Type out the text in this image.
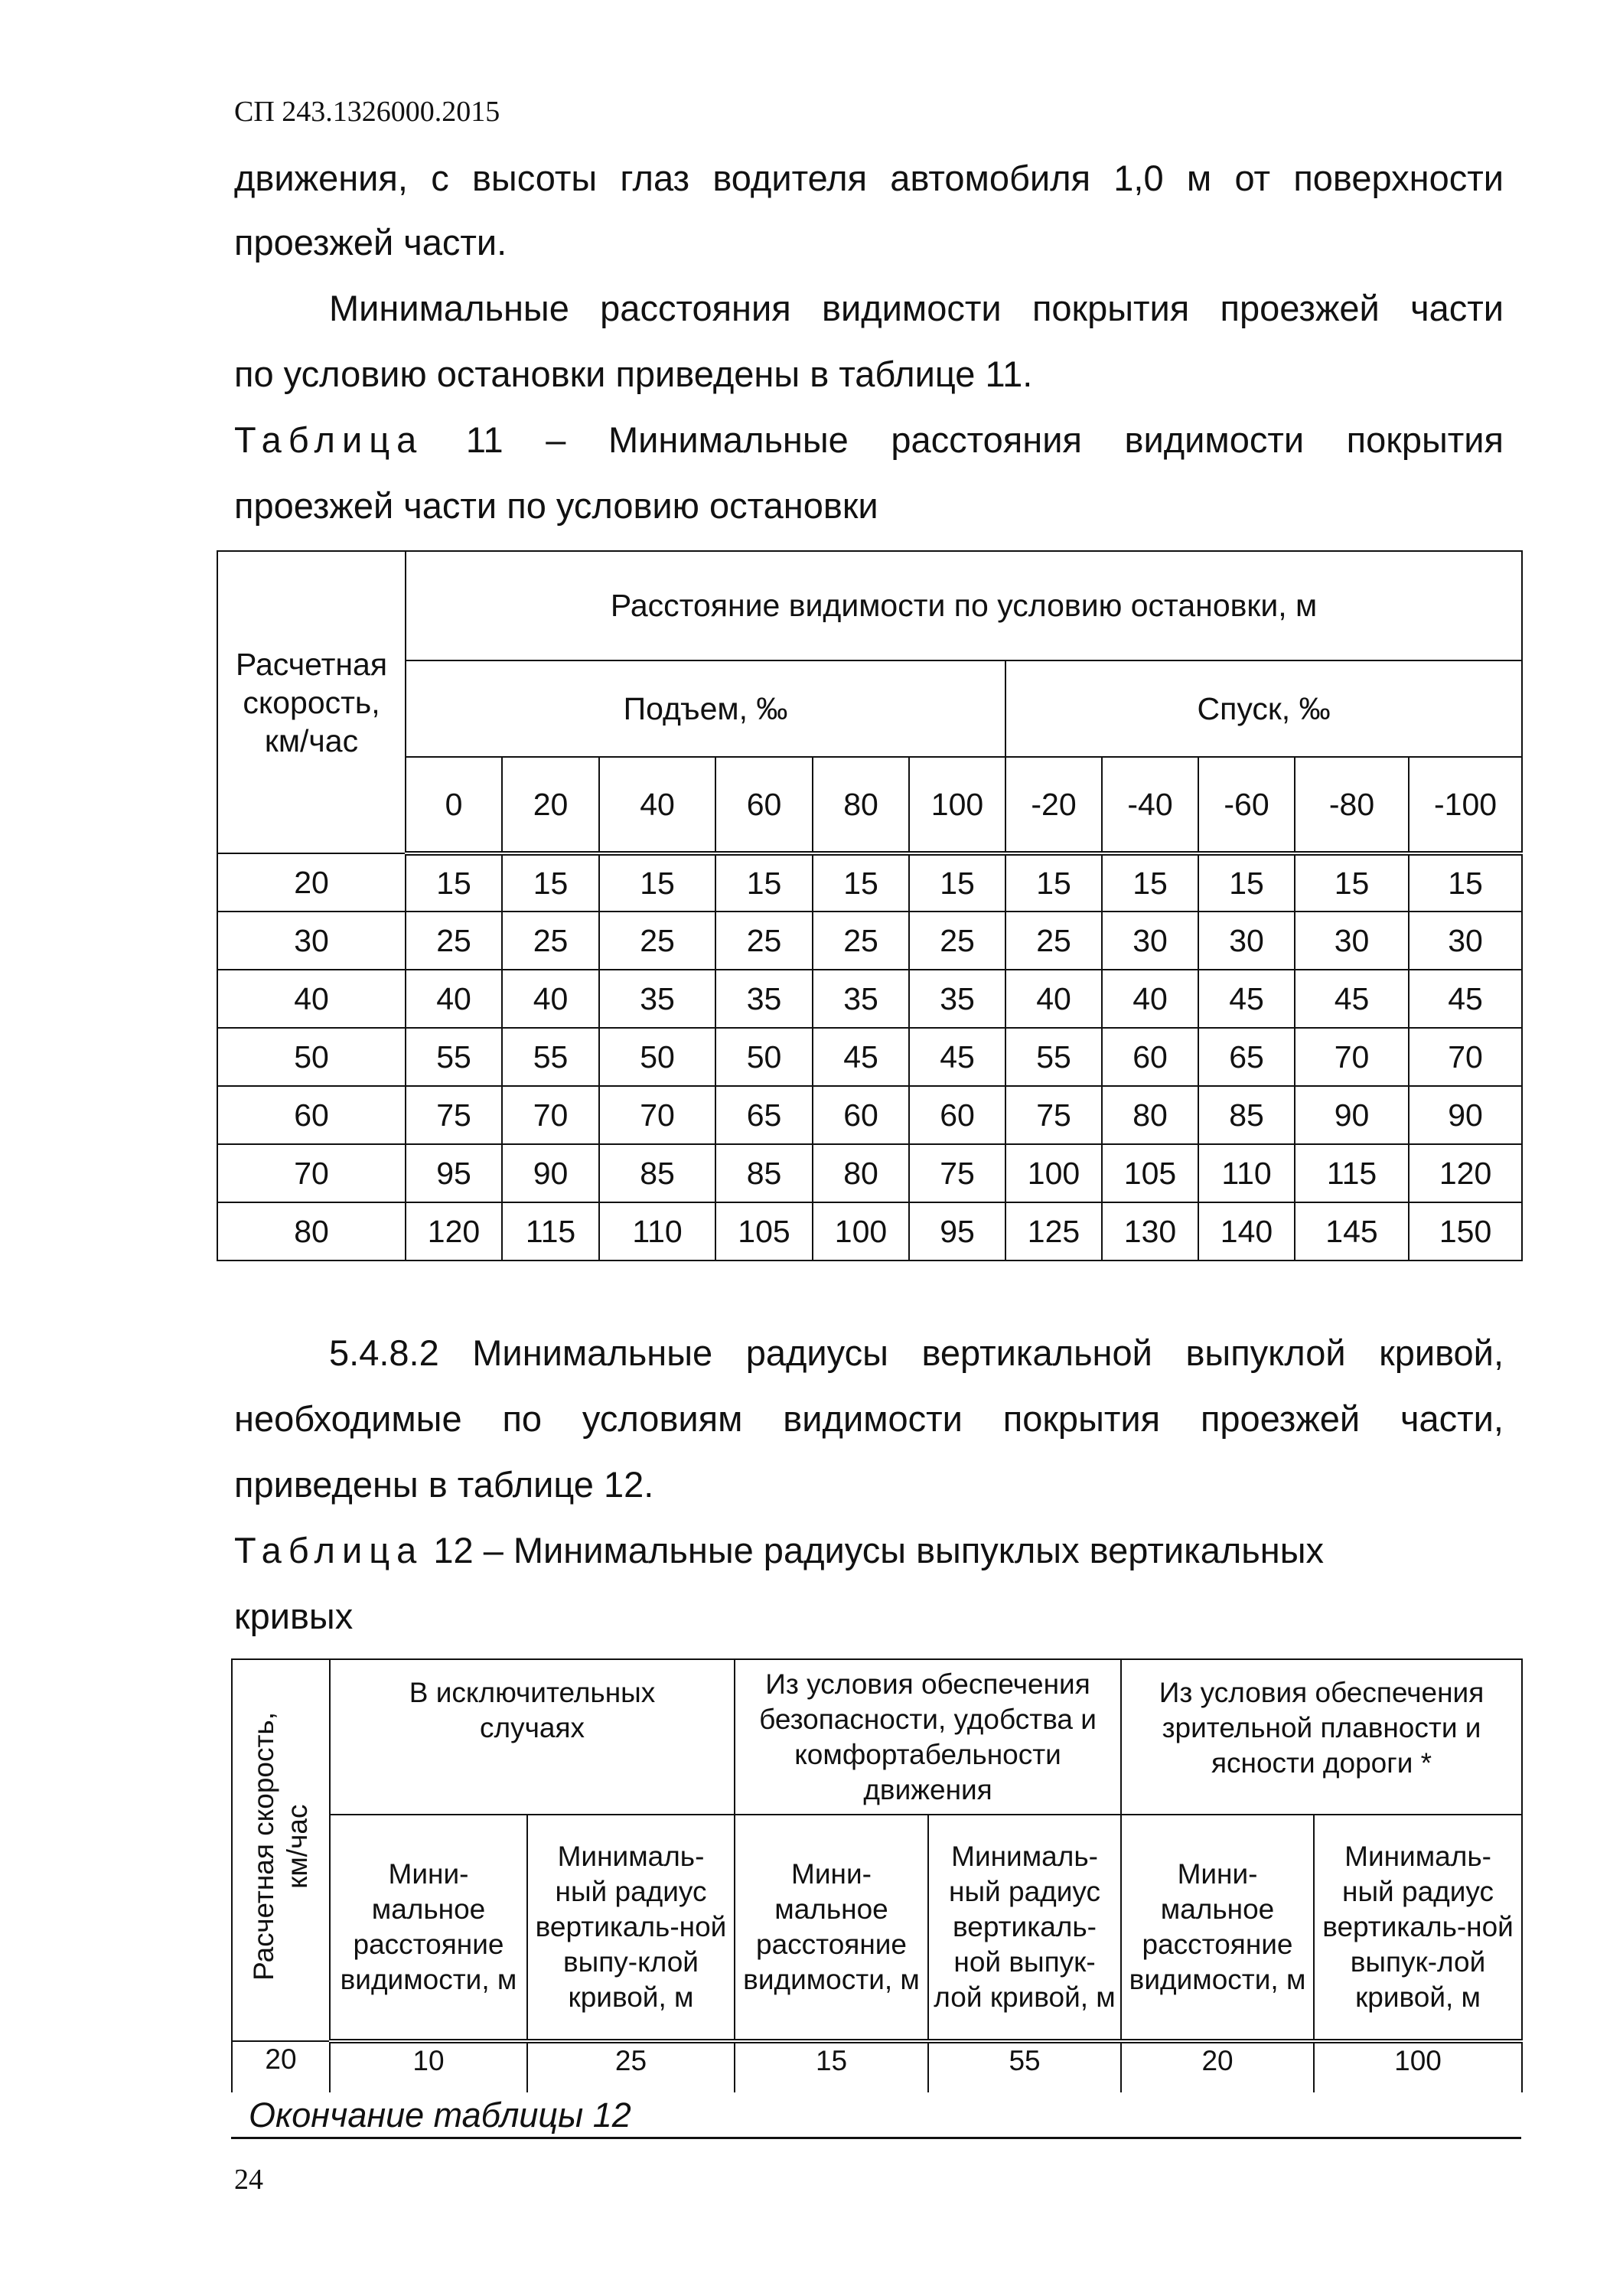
СП 243.1326000.2015
движения, с высоты глаз водителя автомобиля 1,0 м от поверхности
проезжей части.
Минимальные расстояния видимости покрытия проезжей части
по условию остановки приведены в таблице 11.
Таблица 11 – Минимальные расстояния видимости покрытия
проезжей части по условию остановки
Расчетная скорость, км/час	Расстояние видимости по условию остановки, м										
	Подъем, ‰						Спуск, ‰				
	0	20	40	60	80	100	-20	-40	-60	-80	-100
20	15	15	15	15	15	15	15	15	15	15	15
30	25	25	25	25	25	25	25	30	30	30	30
40	40	40	35	35	35	35	40	40	45	45	45
50	55	55	50	50	45	45	55	60	65	70	70
60	75	70	70	65	60	60	75	80	85	90	90
70	95	90	85	85	80	75	100	105	110	115	120
80	120	115	110	105	100	95	125	130	140	145	150
5.4.8.2 Минимальные радиусы вертикальной выпуклой кривой,
необходимые по условиям видимости покрытия проезжей части,
приведены в таблице 12.
Таблица 12 – Минимальные радиусы выпуклых вертикальных
кривых
Расчетная скорость,
км/час	В исключительных случаях		Из условия обеспечения безопасности, удобства и комфортабельности движения		Из условия обеспечения зрительной плавности и ясности дороги *	
	Мини-мальное расстояние видимости, м	Минималь-ный радиус вертикаль-ной выпу-клой кривой, м	Мини-мальное расстояние видимости, м	Минималь-ный радиус вертикаль-ной выпук-лой кривой, м	Мини-мальное расстояние видимости, м	Минималь-ный радиус вертикаль-ной выпук-лой кривой, м
20	10	25	15	55	20	100
Окончание таблицы 12
24
